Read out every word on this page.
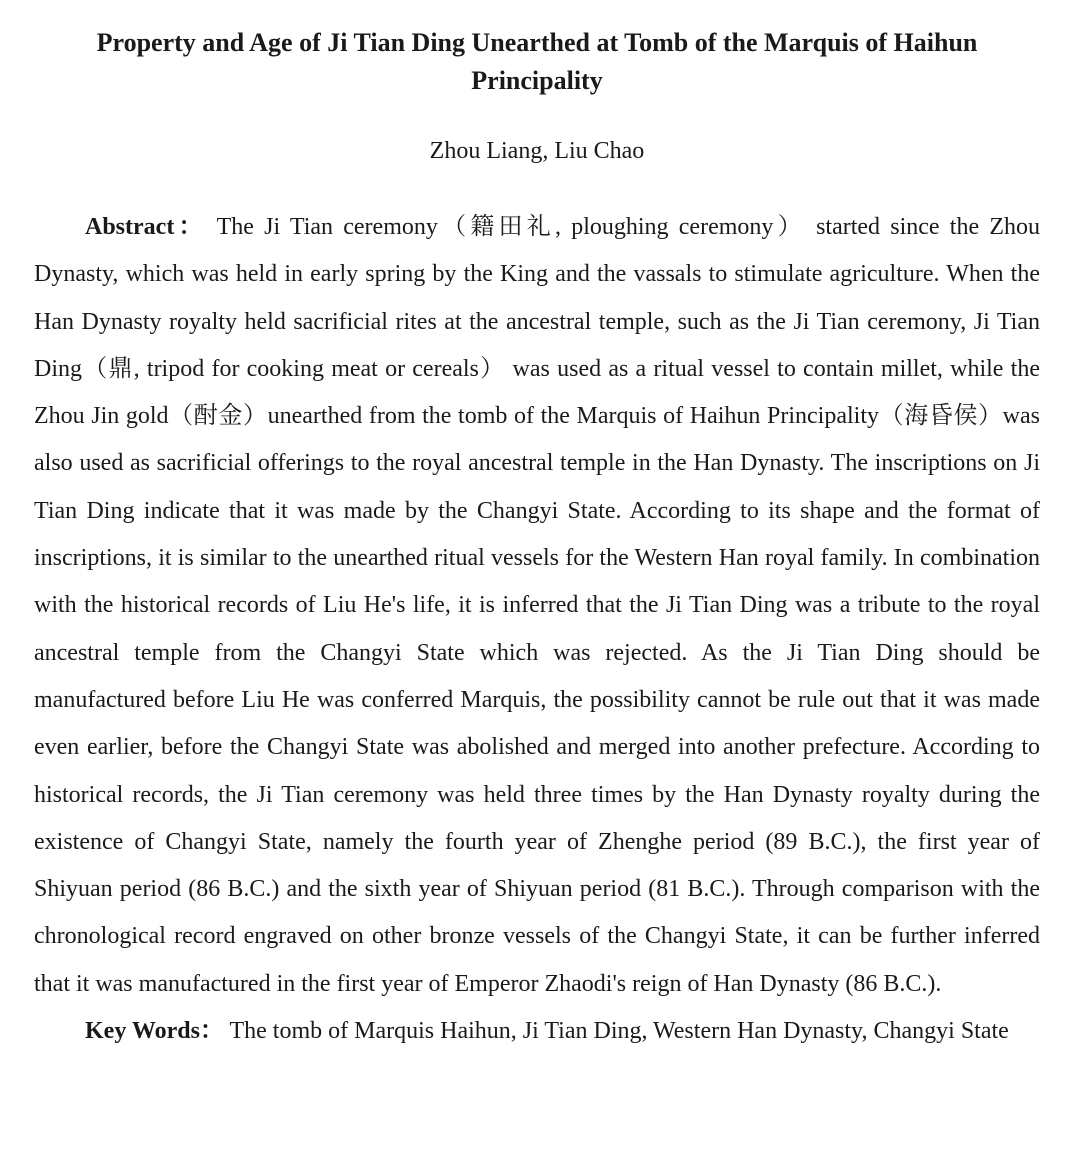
Property and Age of Ji Tian Ding Unearthed at Tomb of the Marquis of Haihun Principality
Zhou Liang, Liu Chao

Abstract： The Ji Tian ceremony（籍田礼, ploughing ceremony） started since the Zhou Dynasty, which was held in early spring by the King and the vassals to stimulate agriculture. When the Han Dynasty royalty held sacrificial rites at the ancestral temple, such as the Ji Tian ceremony, Ji Tian Ding（鼎, tripod for cooking meat or cereals） was used as a ritual vessel to contain millet, while the Zhou Jin gold（酎金）unearthed from the tomb of the Marquis of Haihun Principality（海昏侯）was also used as sacrificial offerings to the royal ancestral temple in the Han Dynasty. The inscriptions on Ji Tian Ding indicate that it was made by the Changyi State. According to its shape and the format of inscriptions, it is similar to the unearthed ritual vessels for the Western Han royal family. In combination with the historical records of Liu He's life, it is inferred that the Ji Tian Ding was a tribute to the royal ancestral temple from the Changyi State which was rejected. As the Ji Tian Ding should be manufactured before Liu He was conferred Marquis, the possibility cannot be rule out that it was made even earlier, before the Changyi State was abolished and merged into another prefecture. According to historical records, the Ji Tian ceremony was held three times by the Han Dynasty royalty during the existence of Changyi State, namely the fourth year of Zhenghe period (89 B.C.), the first year of Shiyuan period (86 B.C.) and the sixth year of Shiyuan period (81 B.C.). Through comparison with the chronological record engraved on other bronze vessels of the Changyi State, it can be further inferred that it was manufactured in the first year of Emperor Zhaodi's reign of Han Dynasty (86 B.C.).

Key Words： The tomb of Marquis Haihun, Ji Tian Ding, Western Han Dynasty, Changyi State
